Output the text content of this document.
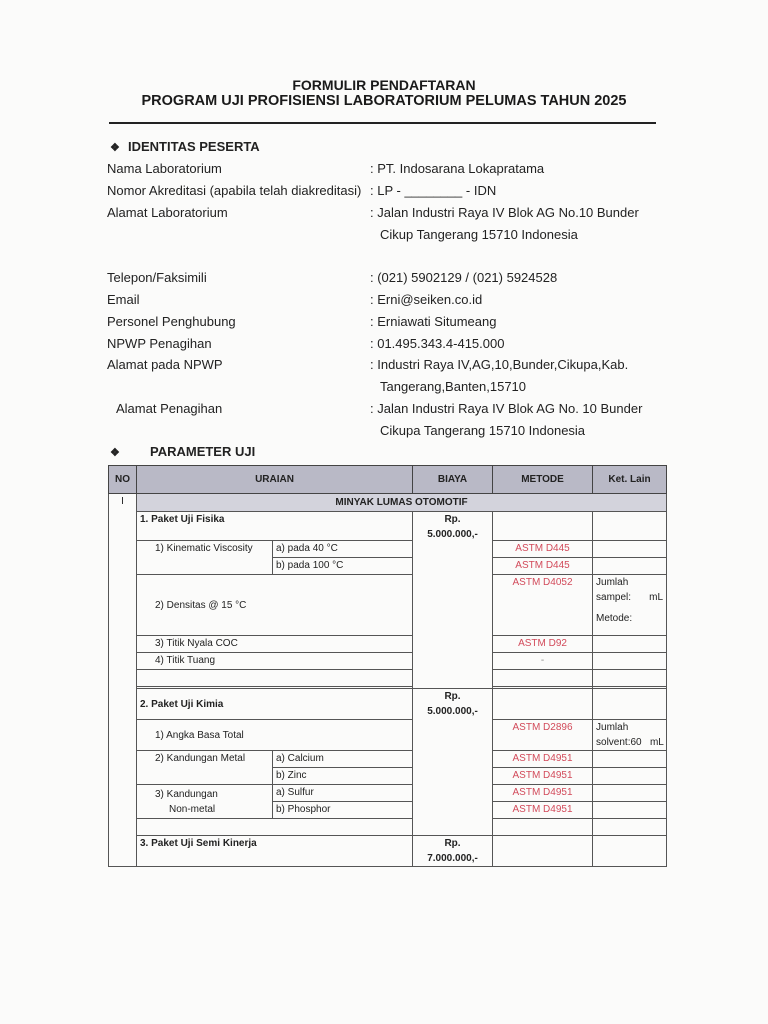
FORMULIR PENDAFTARAN
PROGRAM UJI PROFISIENSI LABORATORIUM PELUMAS TAHUN 2025
❖ IDENTITAS PESERTA
Nama Laboratorium	: PT. Indosarana Lokapratama
Nomor Akreditasi (apabila telah diakreditasi) : LP - ________ - IDN
Alamat Laboratorium	: Jalan Industri Raya IV Blok AG No.10 Bunder
Cikup Tangerang 15710 Indonesia
Telepon/Faksimili	: (021) 5902129 / (021) 5924528
Email	: Erni@seiken.co.id
Personel Penghubung	: Erniawati Situmeang
NPWP Penagihan	: 01.495.343.4-415.000
Alamat pada NPWP	: Industri Raya IV,AG,10,Bunder,Cikupa,Kab.
Tangerang,Banten,15710
Alamat Penagihan	: Jalan Industri Raya IV Blok AG No. 10 Bunder
Cikupa Tangerang 15710 Indonesia
❖ PARAMETER UJI
NO	URAIAN		BIAYA	METODE	Ket. Lain
I	MINYAK LUMAS OTOMOTIF				
	1. Paket Uji Fisika		Rp.
5.000.000,-		

	1) Kinematic Viscosity	a) pada 40 °C		ASTM D445	
		b) pada 100 °C		ASTM D445	
	2) Densitas @ 15 °C			ASTM D4052	Jumlah
sampel: mL
Metode:

	3) Titik Nyala COC			ASTM D92	
	4) Titik Tuang			-	

	2. Paket Uji Kimia		Rp.
5.000.000,-		

	1) Angka Basa Total			ASTM D2896	Jumlah
solvent: 60 mL

	2) Kandungan Metal	a) Calcium		ASTM D4951	
		b) Zinc		ASTM D4951	

	3) Kandungan
Non-metal	a) Sulfur		ASTM D4951	
		b) Phosphor		ASTM D4951	

	3. Paket Uji Semi Kinerja		Rp.
7.000.000,-		
